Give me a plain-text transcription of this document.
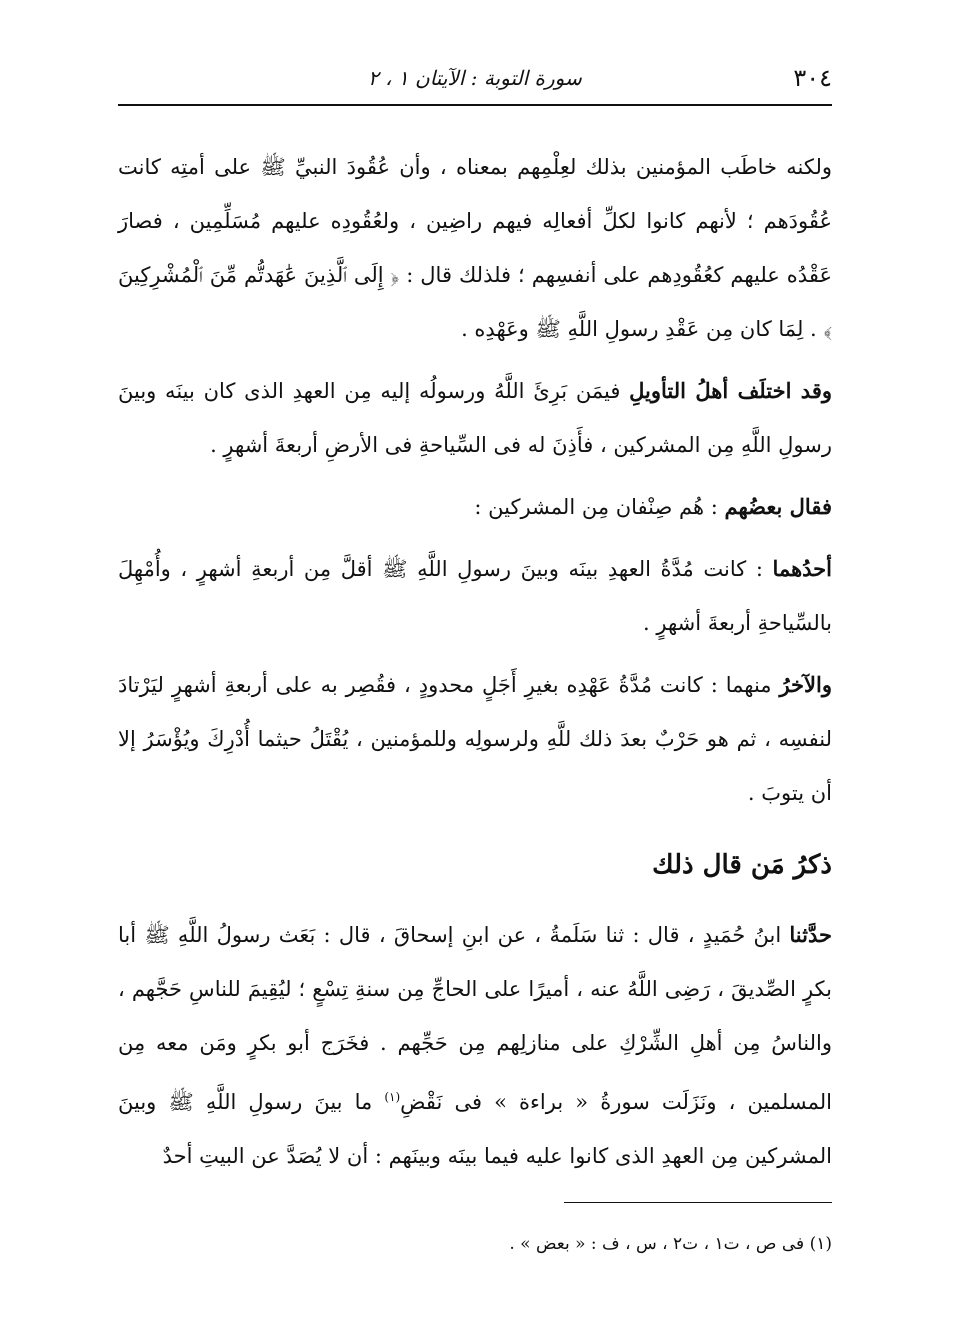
٣٠٤
سورة التوبة : الآيتان ١ ، ٢

ولكنه خاطَب المؤمنين بذلك لعِلْمِهم بمعناه ، وأن عُقُودَ النبيِّ ﷺ على أمتِه كانت عُقُودَهم ؛ لأنهم كانوا لكلِّ أفعالِه فيهم راضِين ، ولعُقُودِه عليهم مُسَلِّمِين ، فصارَ عَقْدُه عليهم كعُقُودِهم على أنفسِهم ؛ فلذلك قال : ﴿ إِلَى ٱلَّذِينَ عَٰهَدتُّم مِّنَ ٱلْمُشْرِكِينَ ﴾ . لِمَا كان مِن عَقْدِ رسولِ اللَّهِ ﷺ وعَهْدِه .

وقد اختلَف أهلُ التأويلِ فيمَن بَرِئَ اللَّهُ ورسولُه إليه مِن العهدِ الذى كان بينَه وبينَ رسولِ اللَّهِ مِن المشركين ، فأَذِنَ له فى السِّياحةِ فى الأرضِ أربعةَ أشهرٍ .

فقال بعضُهم : هُم صِنْفان مِن المشركين :

أحدُهما : كانت مُدَّةُ العهدِ بينَه وبينَ رسولِ اللَّهِ ﷺ أقلَّ مِن أربعةِ أشهرٍ ، وأُمْهِلَ بالسِّياحةِ أربعةَ أشهرٍ .

والآخرُ منهما : كانت مُدَّةُ عَهْدِه بغيرِ أَجَلٍ محدودٍ ، فقُصِر به على أربعةِ أشهرٍ ليَرْتادَ لنفسِه ، ثم هو حَرْبٌ بعدَ ذلك للَّهِ ولرسولِه وللمؤمنين ، يُقْتَلُ حيثما أُدْرِكَ ويُؤْسَرُ إلا أن يتوبَ .

ذكرُ مَن قال ذلك

حدَّثنا ابنُ حُمَيدٍ ، قال : ثنا سَلَمةُ ، عن ابنِ إسحاقَ ، قال : بَعَث رسولُ اللَّهِ ﷺ أبا بكرٍ الصِّديقَ ، رَضِى اللَّهُ عنه ، أميرًا على الحاجِّ مِن سنةِ تِسْعٍ ؛ ليُقِيمَ للناسِ حَجَّهم ، والناسُ مِن أهلِ الشِّرْكِ على منازلِهم مِن حَجِّهم . فخَرَج أبو بكرٍ ومَن معه مِن المسلمين ، ونَزَلَت سورةُ « براءة » فى نَقْضِ$^{(١)}$ ما بينَ رسولِ اللَّهِ ﷺ وبينَ المشركين مِن العهدِ الذى كانوا عليه فيما بينَه وبينَهم : أن لا يُصَدَّ عن البيتِ أحدٌ

(١) فى ص ، ت١ ، ت٢ ، س ، ف : « بعض » .
